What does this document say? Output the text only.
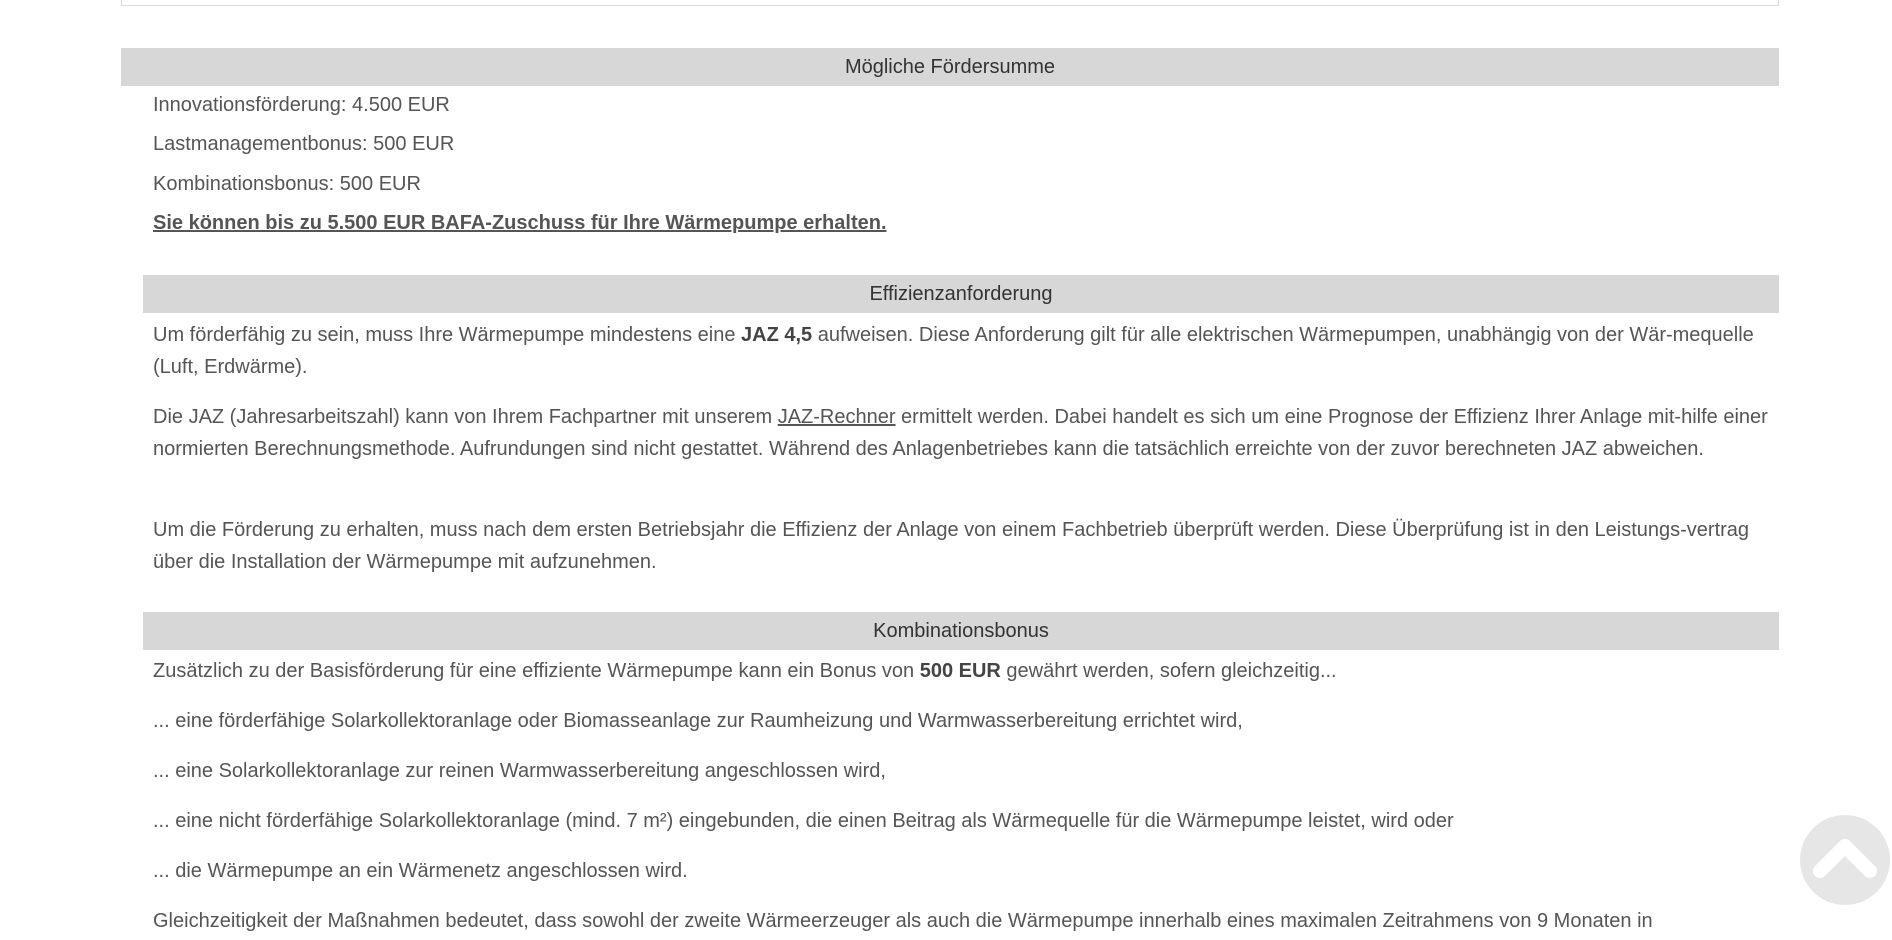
Mögliche Fördersumme
Innovationsförderung: 4.500 EUR
Lastmanagementbonus: 500 EUR
Kombinationsbonus: 500 EUR
Sie können bis zu 5.500 EUR BAFA-Zuschuss für Ihre Wärmepumpe erhalten.
Effizienzanforderung
Um förderfähig zu sein, muss Ihre Wärmepumpe mindestens eine JAZ 4,5 aufweisen. Diese Anforderung gilt für alle elektrischen Wärmepumpen, unabhängig von der Wär-mequelle (Luft, Erdwärme).
Die JAZ (Jahresarbeitszahl) kann von Ihrem Fachpartner mit unserem JAZ-Rechner ermittelt werden. Dabei handelt es sich um eine Prognose der Effizienz Ihrer Anlage mit-hilfe einer normierten Berechnungsmethode. Aufrundungen sind nicht gestattet. Während des Anlagenbetriebes kann die tatsächlich erreichte von der zuvor berechneten JAZ abweichen.
Um die Förderung zu erhalten, muss nach dem ersten Betriebsjahr die Effizienz der Anlage von einem Fachbetrieb überprüft werden. Diese Überprüfung ist in den Leistungs-vertrag über die Installation der Wärmepumpe mit aufzunehmen.
Kombinationsbonus
Zusätzlich zu der Basisförderung für eine effiziente Wärmepumpe kann ein Bonus von 500 EUR gewährt werden, sofern gleichzeitig...
... eine förderfähige Solarkollektoranlage oder Biomasseanlage zur Raumheizung und Warmwasserbereitung errichtet wird,
... eine Solarkollektoranlage zur reinen Warmwasserbereitung angeschlossen wird,
... eine nicht förderfähige Solarkollektoranlage (mind. 7 m²) eingebunden, die einen Beitrag als Wärmequelle für die Wärmepumpe leistet, wird oder
... die Wärmepumpe an ein Wärmenetz angeschlossen wird.
Gleichzeitigkeit der Maßnahmen bedeutet, dass sowohl der zweite Wärmeerzeuger als auch die Wärmepumpe innerhalb eines maximalen Zeitrahmens von 9 Monaten in
